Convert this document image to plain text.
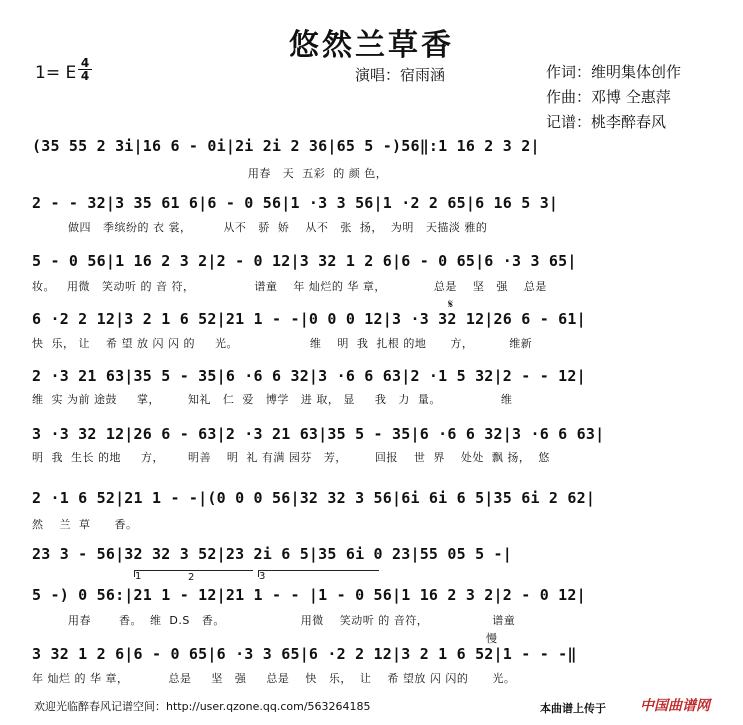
悠然兰草香
1= E $\frac{4}{4}$	演唱：宿雨涵	作词：维明集体创作
作曲：邓博 仝惠萍
记谱：桃李醉春风
(35 55 2 3i|16 6 - 0i|2i 2i 2 36|65 5 -)56‖:1 16 2 3 2|
用春   天  五彩  的 颜 色，
2 - - 32|3 35 61 6|6 - 0 56|1 ·3 3 56|1 ·2 2 65|6 16 5 3|
做四   季缤纷的 衣 裳，        从不   骄  娇    从不   张  扬，  为明   天描淡 雅的
5 - 0 56|1 16 2 3 2|2 - 0 12|3 32 1 2 6|6 - 0 65|6 ·3 3 65|
妆。   用微   笑动听 的 音 符，               谱童    年 灿烂的 华 章，            总是    坚   强    总是
𝄋
6 ·2 2 12|3 2 1 6 52|21 1 - -|0 0 0 12|3 ·3 32 12|26 6 - 61|
快  乐， 让    希 望 放 闪 闪 的     光。                  维    明  我  扎根 的地      方，         维新
2 ·3 21 63|35 5 - 35|6 ·6 6 32|3 ·6 6 63|2 ·1 5 32|2 - - 12|
维  实 为前 途鼓     掌，       知礼   仁  爱   博学   进 取， 显     我   力  量。               维
3 ·3 32 12|26 6 - 63|2 ·3 21 63|35 5 - 35|6 ·6 6 32|3 ·6 6 63|
明  我  生长 的地     方，      明善    明  礼 有满 园芬   芳，       回报    世  界    处处  飘 扬，  悠
2 ·1 6 52|21 1 - -|(0 0 0 56|32 32 3 56|6i 6i 6 5|35 6i 2 62|
然    兰  草      香。
23 3 - 56|32 32 3 52|23 2i 6 5|35 6i 0 23|55 05 5 -|
1	2	3
5 -) 0 56:|21 1 - 12|21 1 - - |1 - 0 56|1 16 2 3 2|2 - 0 12|
用春       香。  维  D.S   香。                   用微    笑动听 的 音符，                谱童
慢
3 32 1 2 6|6 - 0 65|6 ·3 3 65|6 ·2 2 12|3 2 1 6 52|1 - - -‖
年 灿烂 的 华 章，          总是     坚   强     总是    快   乐，  让    希 望放 闪 闪的      光。
欢迎光临醉春风记谱空间：http://user.qzone.qq.com/563264185	本曲谱上传于 中国曲谱网
